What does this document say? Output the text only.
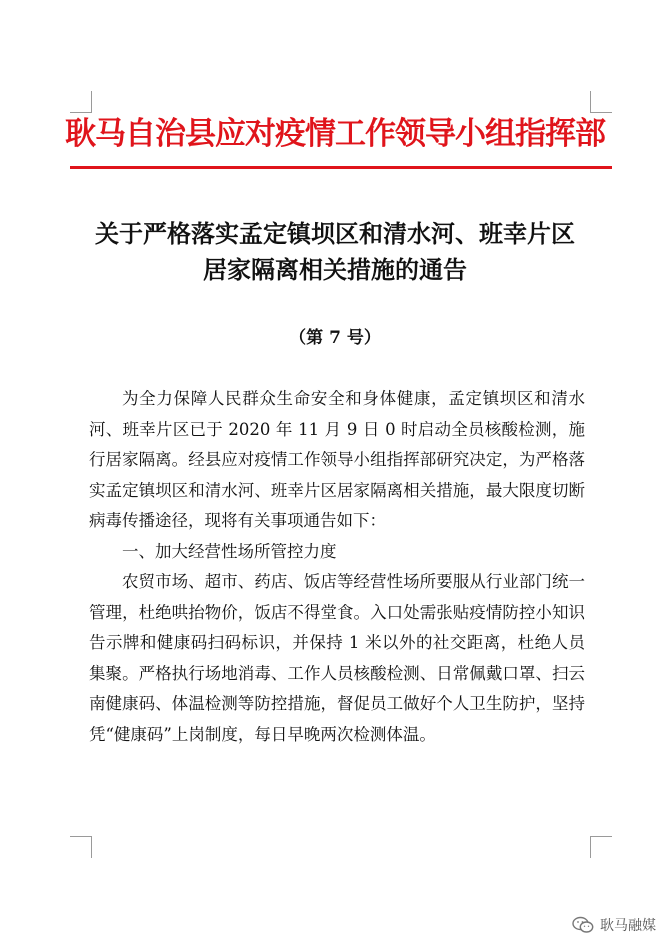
耿马自治县应对疫情工作领导小组指挥部
关于严格落实孟定镇坝区和清水河、班幸片区
居家隔离相关措施的通告
（第 7 号）

为全力保障人民群众生命安全和身体健康，孟定镇坝区和清水河、班幸片区已于 2020 年 11 月 9 日 0 时启动全员核酸检测，施行居家隔离。经县应对疫情工作领导小组指挥部研究决定，为严格落实孟定镇坝区和清水河、班幸片区居家隔离相关措施，最大限度切断病毒传播途径，现将有关事项通告如下：

一、加大经营性场所管控力度

农贸市场、超市、药店、饭店等经营性场所要服从行业部门统一管理，杜绝哄抬物价，饭店不得堂食。入口处需张贴疫情防控小知识告示牌和健康码扫码标识，并保持 1 米以外的社交距离，杜绝人员集聚。严格执行场地消毒、工作人员核酸检测、日常佩戴口罩、扫云南健康码、体温检测等防控措施，督促员工做好个人卫生防护，坚持凭“健康码”上岗制度，每日早晚两次检测体温。

耿马融媒
